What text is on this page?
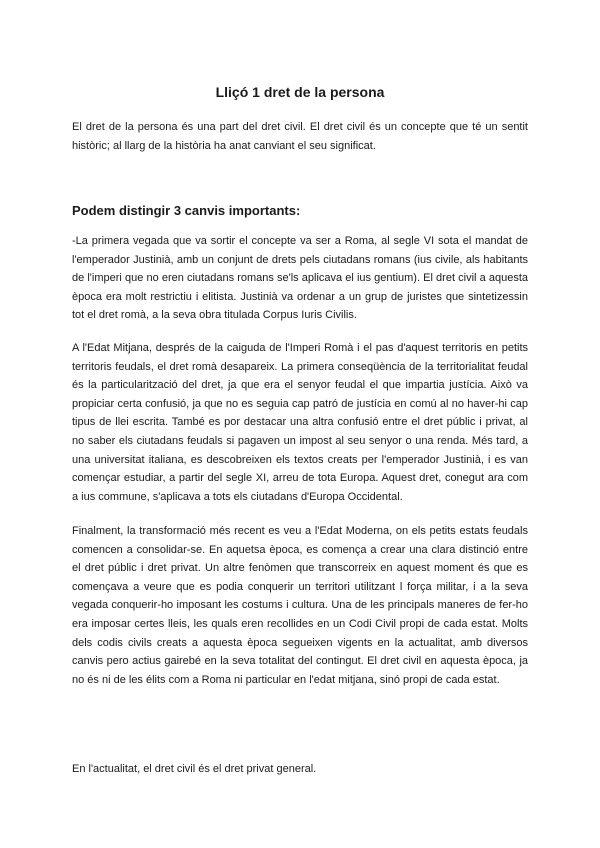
Lliçó 1 dret de la persona

El dret de la persona és una part del dret civil. El dret civil és un concepte que té un sentit històric; al llarg de la història ha anat canviant el seu significat.

Podem distingir 3 canvis importants:

-La primera vegada que va sortir el concepte va ser a Roma, al segle VI sota el mandat de l'emperador Justinià, amb un conjunt de drets pels ciutadans romans (ius civile, als habitants de l'imperi que no eren ciutadans romans se'ls aplicava el ius gentium). El dret civil a aquesta època era molt restrictiu i elitista. Justinià va ordenar a un grup de juristes que sintetizessin tot el dret romà, a la seva obra titulada Corpus Iuris Civilis.

A l'Edat Mitjana, després de la caiguda de l'Imperi Romà i el pas d'aquest territoris en petits territoris feudals, el dret romà desapareix. La primera conseqüència de la territorialitat feudal és la particularització del dret, ja que era el senyor feudal el que impartia justícia. Això va propiciar certa confusió, ja que no es seguia cap patró de justícia en comú al no haver-hi cap tipus de llei escrita. També es por destacar una altra confusió entre el dret públic i privat, al no saber els ciutadans feudals si pagaven un impost al seu senyor o una renda. Més tard, a una universitat italiana, es descobreixen els textos creats per l'emperador Justinià, i es van començar estudiar, a partir del segle XI, arreu de tota Europa. Aquest dret, conegut ara com a ius commune, s'aplicava a tots els ciutadans d'Europa Occidental.

Finalment, la transformació més recent es veu a l'Edat Moderna, on els petits estats feudals comencen a consolidar-se. En aquetsa època, es comença a crear una clara distinció entre el dret públic i dret privat. Un altre fenòmen que transcorreix en aquest moment és que es començava a veure que es podia conquerir un territori utilitzant l força militar, i a la seva vegada conquerir-ho imposant les costums i cultura. Una de les principals maneres de fer-ho era imposar certes lleis, les quals eren recollides en un Codi Civil propi de cada estat. Molts dels codis civils creats a aquesta època segueixen vigents en la actualitat, amb diversos canvis pero actius gairebé en la seva totalitat del contingut. El dret civil en aquesta època, ja no és ni de les élits com a Roma ni particular en l'edat mitjana, sinó propi de cada estat.

En l'actualitat, el dret civil és el dret privat general.
